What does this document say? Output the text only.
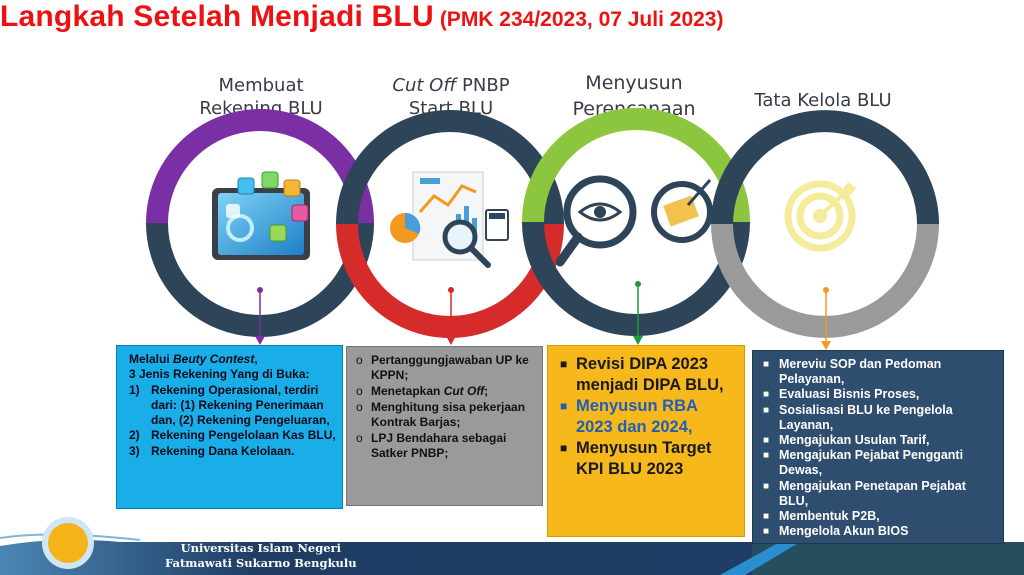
Langkah Setelah Menjadi BLU (PMK 234/2023, 07 Juli 2023)
Membuat
Rekening BLU
Cut Off PNBP
Start BLU
Menyusun
Perencanaan	Tata Kelola BLU
Universitas Islam Negeri
Fatmawati Sukarno Bengkulu
Melalui Beuty Contest,
3 Jenis Rekening Yang di Buka:
1) Rekening Operasional, terdiri dari: (1) Rekening Penerimaan dan, (2) Rekening Pengeluaran,
2) Rekening Pengelolaan Kas BLU,
3) Rekening Dana Kelolaan.
o Pertanggungjawaban UP ke KPPN;
o Menetapkan Cut Off;
o Menghitung sisa pekerjaan Kontrak Barjas;
o LPJ Bendahara sebagai Satker PNBP;
■ Revisi DIPA 2023 menjadi DIPA BLU,
■ Menyusun RBA 2023 dan 2024,
■ Menyusun Target  KPI BLU 2023
■ Mereviu SOP dan Pedoman Pelayanan,
■ Evaluasi Bisnis Proses,
■ Sosialisasi BLU ke Pengelola Layanan,
■ Mengajukan Usulan Tarif,
■ Mengajukan Pejabat Pengganti Dewas,
■ Mengajukan Penetapan Pejabat BLU,
■ Membentuk P2B,
■ Mengelola Akun BIOS
